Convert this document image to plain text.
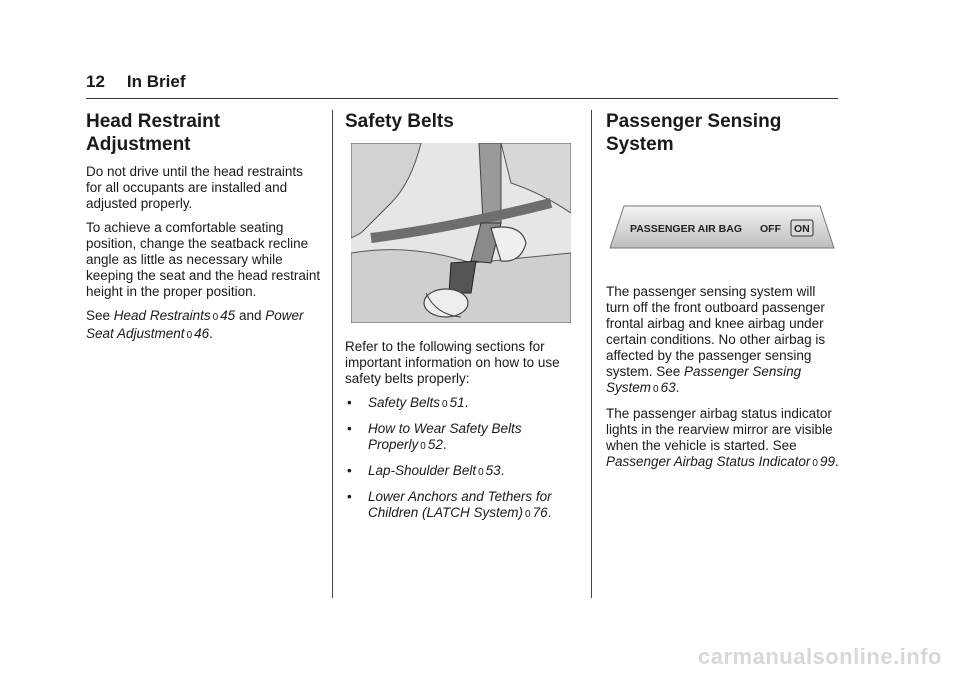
12 In Brief
Head Restraint Adjustment

Do not drive until the head restraints for all occupants are installed and adjusted properly.

To achieve a comfortable seating position, change the seatback recline angle as little as necessary while keeping the seat and the head restraint height in the proper position.

See Head Restraints 0 45 and Power Seat Adjustment 0 46.

Safety Belts

Refer to the following sections for important information on how to use safety belts properly:

• Safety Belts 0 51.
• How to Wear Safety Belts Properly 0 52.
• Lap-Shoulder Belt 0 53.
• Lower Anchors and Tethers for Children (LATCH System) 0 76.
Passenger Sensing System
PASSENGER AIR BAG OFF ON

The passenger sensing system will turn off the front outboard passenger frontal airbag and knee airbag under certain conditions. No other airbag is affected by the passenger sensing system. See Passenger Sensing System 0 63.

The passenger airbag status indicator lights in the rearview mirror are visible when the vehicle is started. See Passenger Airbag Status Indicator 0 99.

carmanualsonline.info
